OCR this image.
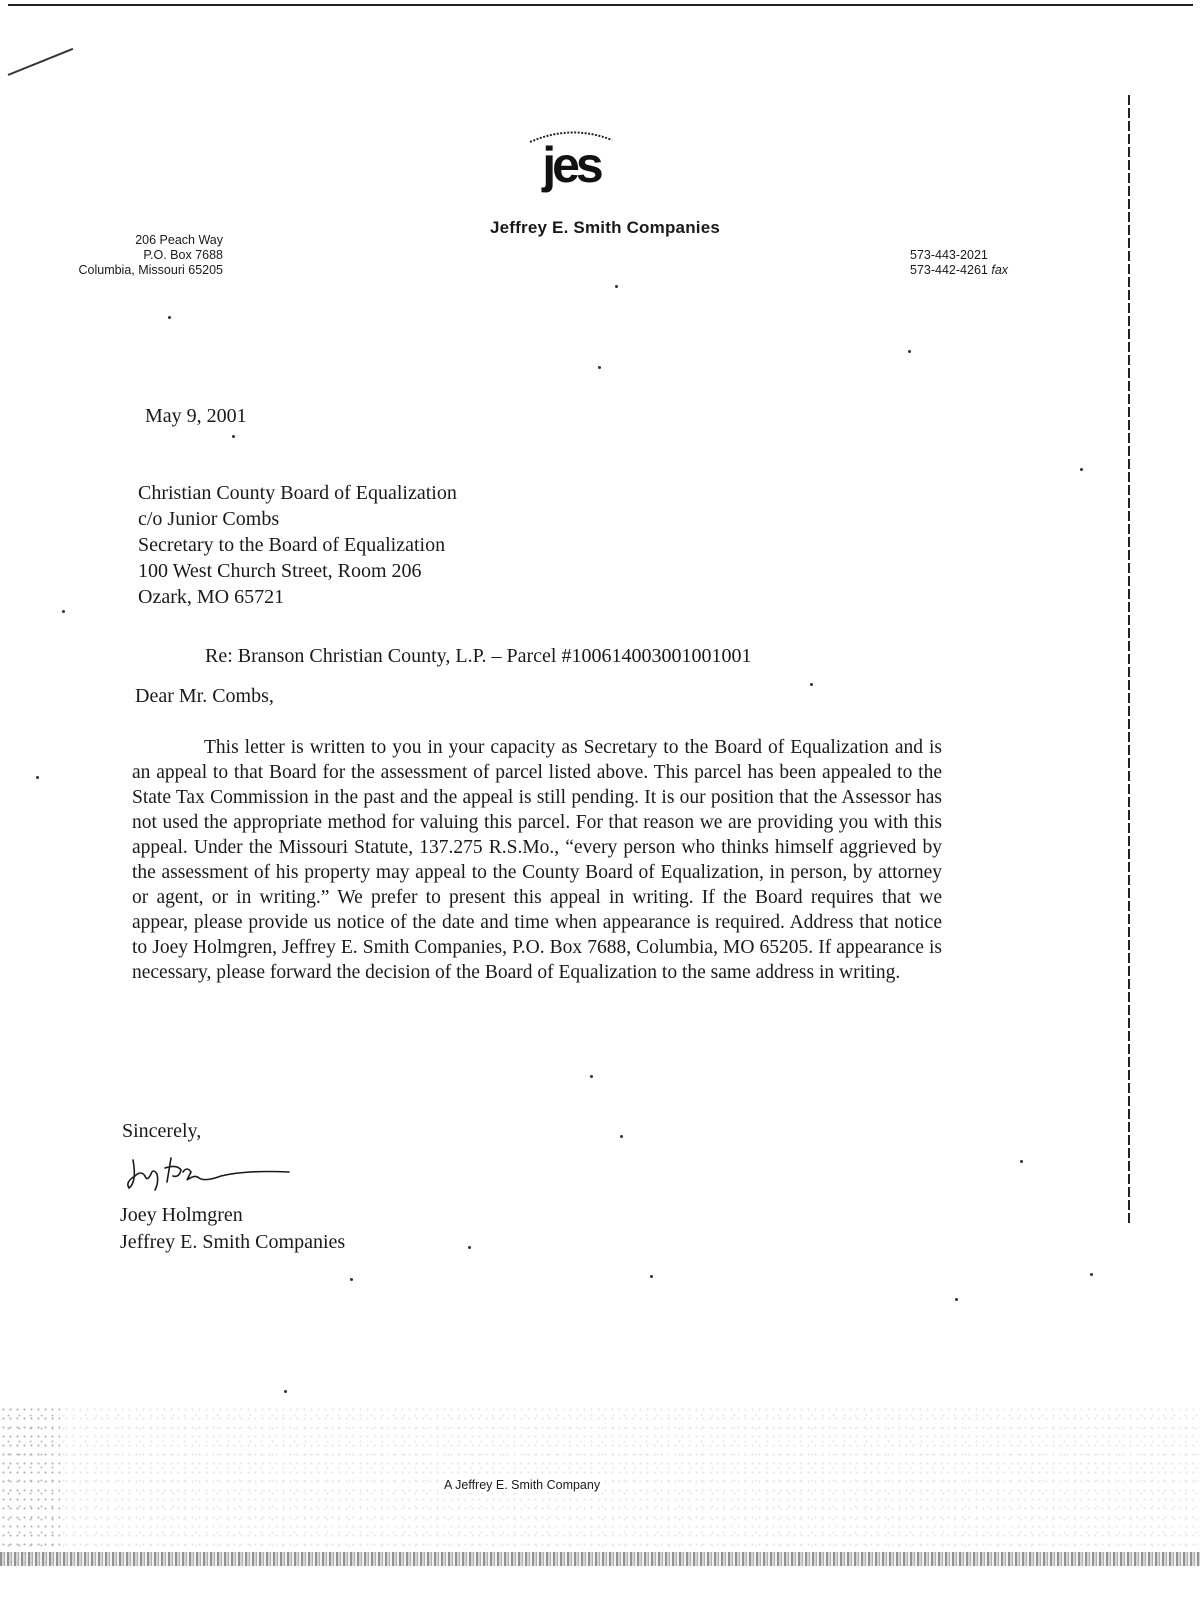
jes
Jeffrey E. Smith Companies
206 Peach Way
P.O. Box 7688
Columbia, Missouri 65205
573-443-2021
573-442-4261 fax
May 9, 2001
Christian County Board of Equalization
c/o Junior Combs
Secretary to the Board of Equalization
100 West Church Street, Room 206
Ozark, MO 65721
Re: Branson Christian County, L.P. – Parcel #100614003001001001
Dear Mr. Combs,
This letter is written to you in your capacity as Secretary to the Board of Equalization and is an appeal to that Board for the assessment of parcel listed above. This parcel has been appealed to the State Tax Commission in the past and the appeal is still pending. It is our position that the Assessor has not used the appropriate method for valuing this parcel. For that reason we are providing you with this appeal. Under the Missouri Statute, 137.275 R.S.Mo., “every person who thinks himself aggrieved by the assessment of his property may appeal to the County Board of Equalization, in person, by attorney or agent, or in writing.” We prefer to present this appeal in writing. If the Board requires that we appear, please provide us notice of the date and time when appearance is required. Address that notice to Joey Holmgren, Jeffrey E. Smith Companies, P.O. Box 7688, Columbia, MO 65205. If appearance is necessary, please forward the decision of the Board of Equalization to the same address in writing.
Sincerely,
Joey Holmgren
Jeffrey E. Smith Companies
A Jeffrey E. Smith Company
